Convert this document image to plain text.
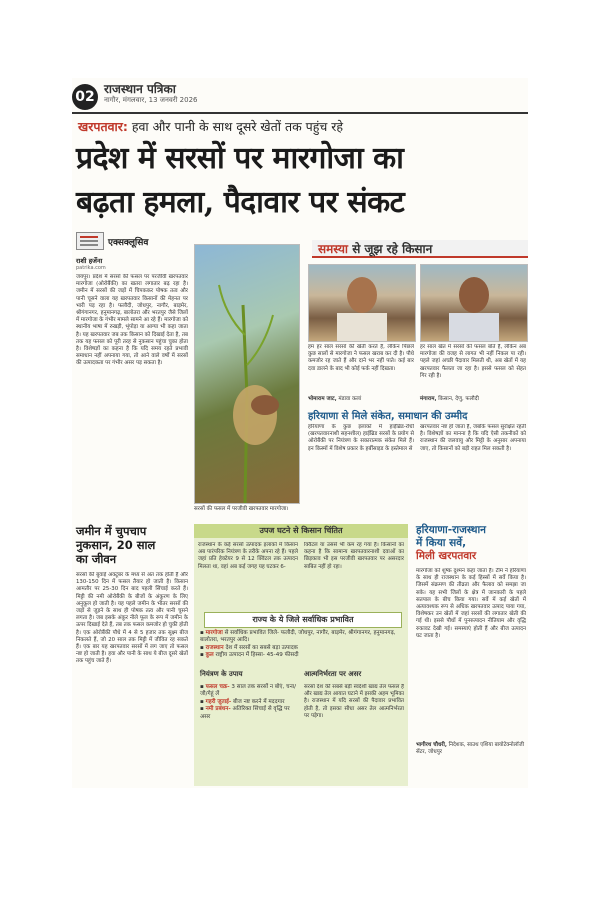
02 राजस्थान पत्रिका
नागौर, मंगलवार, 13 जनवरी 2026
खरपतवार: हवा और पानी के साथ दूसरे खेतों तक पहुंच रहे
प्रदेश में सरसों पर मारगोजा का
बढ़ता हमला, पैदावार पर संकट
एक्सक्लूसिव	समस्या से जूझ रहे किसान
राशी हर्जेना
patrika.com
जयपुर। प्रदेश में सरसों की फसल पर परजीवी खरपतवार मारगोजा (ओरोबैंकी) का खतरा लगातार बढ़ रहा है। जमीन में सरसों की जड़ों में चिपककर पोषक तत्व और पानी चूसने वाला यह खरपतवार किसानों की मेहनत पर भारी पड़ रहा है। फलौदी, जोधपुर, नागौर, बाड़मेर, श्रीगंगानगर, हनुमानगढ़, बालोतरा और भरतपुर जैसे जिलों में मारगोजा के गंभीर मामले सामने आ रहे हैं। मारगोजा को स्थानीय भाषा में रुखड़ी, भूंपोड़ा या आग्या भी कहा जाता है। यह खरपतवार जब तक किसान को दिखाई देता है, तब तक यह फसल को पूरी तरह से नुकसान पहुंचा चुका होता है। विशेषज्ञों का कहना है कि यदि समय रहते प्रभावी समाधान नहीं अपनाया गया, तो आने वाले वर्षों में सरसों की उत्पादकता पर गंभीर असर पड़ सकता है।
सरसों की फसल में परजीवी खरपतवार मारगोजा।
हम हर साल सरसों की खेती करते हैं, लेकिन पिछले कुछ सालों से मारगोजा ने फसल खराब कर दी है। पौधे कमजोर रह जाते हैं और दाने भर नहीं पाते। कई बार दवा डालने के बाद भी कोई फर्क नहीं दिखता।
भोमाराम जाट, मंडावा कलां
हर साल खेत में सरसों की फसल बोते हैं, लेकिन अब मारगोजा की वजह से लागत भी नहीं निकल पा रही। पहले जहां अच्छी पैदावार मिलती थी, अब खेतों में यह खरपतवार फैलता जा रहा है। इससे फसल को सेहत गिर रही है।
मंगाराम, किसान, देणु, फलौदी
हरियाणा से मिले संकेत, समाधान की उम्मीद
हरियाणा के कुछ इलाकों में हाईब्रिड-रोधी (खरपतवारनाशी सहनशील) हाईब्रिड सरसों के प्रयोग से ओरोबैंकी पर नियंत्रण के सकारात्मक संकेत मिले हैं। इन किस्मों में विशेष प्रकार के हर्बीसाइड के इस्तेमाल से
खरपतवार नष्ट हो जाता है, जबकि फसल सुरक्षित रहती है। विशेषज्ञों का मानना है कि यदि ऐसी तकनीकों को राजस्थान की जलवायु और मिट्टी के अनुसार अपनाया जाए, तो किसानों को बड़ी राहत मिल सकती है।
जमीन में चुपचाप
नुकसान, 20 साल
का जीवन
सरसों की बुवाई अक्टूबर के मध्य से अंत तक होती है और 130-150 दिन में फसल तैयार हो जाती है। किसान आमतौर पर 25-30 दिन बाद पहली सिंचाई करते हैं। मिट्टी की नमी ओरोबैंकी के बीजों के अंकुरण के लिए अनुकूल हो जाती है। यह पहले जमीन के भीतर सरसों की जड़ों से जुड़ने के साथ ही पोषक तत्व और पानी चूसने लगता है। जब इसके अंकुर नीले फूल के रूप में जमीन के ऊपर दिखाई देते हैं, तब तक फसल कमजोर हो चुकी होती है। एक ओरोबैंकी पौधे में 4 से 5 हजार तक सूक्ष्म बीज निकलते हैं, जो 20 साल तक मिट्टी में जीवित रह सकते हैं। एक बार यह खरपतवार सरसों में लग जाए तो फसल नष्ट हो जाती है। हवा और पानी के साथ ये बीज दूसरे खेतों तक पहुंच जाते हैं।
उपज घटने से किसान चिंतित
राजस्थान के कई सरसों उत्पादक इलाकों में किसान अब पारंपरिक नियंत्रण के तरीके अपना रहे हैं। पहले जहां प्रति हेक्टेयर 9 से 12 क्विंटल तक उत्पादन मिलता था, वहां अब कई जगह यह घटकर 6-
क्विंटल या उससे भी कम रह गया है। किसानों का कहना है कि सामान्य खरपतवारनाशी दवाओं का छिड़काव भी इस परजीवी खरपतवार पर असरदार साबित नहीं हो रहा।
राज्य के ये जिले सर्वाधिक प्रभावित
▪ मारगोजा से सर्वाधिक प्रभावित जिले- फलौदी, जोधपुर, नागौर, बाड़मेर, श्रीगंगानगर, हनुमानगढ़, बालोतरा, भरतपुर आदि।
▪ राजस्थान देश में सरसों का सबसे बड़ा उत्पादक
▪ कुल राष्ट्रीय उत्पादन में हिस्सा- 45-49 फीसदी
नियंत्रण के उपाय
▪ फसल चक्र- 3 साल तक सरसों न बोएं, चना/जौ/गेहूं लें
▪ गहरी जुताई- बीज नष्ट करने में मददगार
▪ नमी प्रबंधन- अतिरिक्त सिंचाई से वृद्धि पर असर
आत्मनिर्भरता पर असर
सरसों देश की सबसे बड़ी स्वदेशी खाद्य तेल फसल है और खाद्य तेल आयात घटाने में इसकी अहम भूमिका है। राजस्थान में यदि सरसों की पैदावार प्रभावित होती है, तो इसका सीधा असर तेल आत्मनिर्भरता पर पड़ेगा।
हरियाणा-राजस्थान
में किया सर्वे,
मिली खरपतवार
मारगोजा को शुष्क दुश्मन कहा जाता है। टीम ने हरियाणा के साथ ही राजस्थान के कई हिस्सों में सर्वे किया है। जिसमें संक्रमण की तीव्रता और फैलाव को समझा जा सके। यह सभी जिलों के क्षेत्र में जानकारी के पहले सतपाल के बीच किया गया। सर्वे में कई खेतों में अत्यावश्यक रूप से अधिक खरपतवार उत्पाद पाया गया, विशेषकर उन खेतों में जहां सरसों की लगातार खेती की गई थी। इससे पौधों में पुनरुत्पादन नीतियाम और वृद्धि रुकावट देखी गई। समस्याएं होती हैं और बीज उत्पादन घट जाता है।
भागीरथ चौधरी, निदेशक, साउथ एशिया बायोटेक्नोलॉजी सेंटर, जोधपुर
